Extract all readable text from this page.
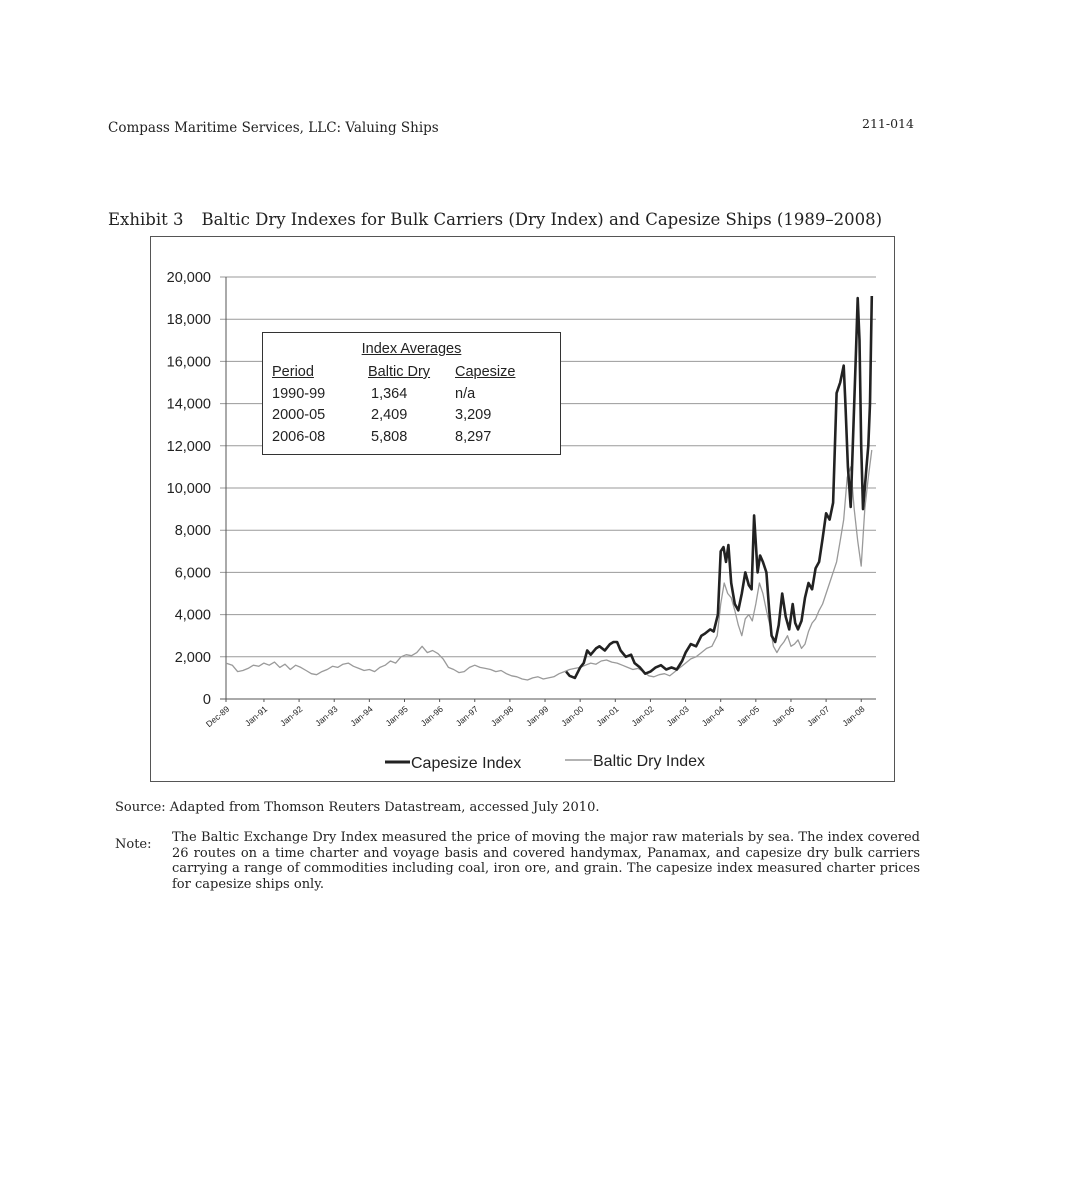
Compass Maritime Services, LLC: Valuing Ships	211-014
Exhibit 3 Baltic Dry Indexes for Bulk Carriers (Dry Index) and Capesize Ships (1989–2008)
0
2,000
4,000
6,000
8,000
10,000
12,000
14,000
16,000
18,000
20,000
Dec-89 Jan-91 Jan-92 Jan-93 Jan-94 Jan-95 Jan-96 Jan-97 Jan-98 Jan-99 Jan-00 Jan-01 Jan-02 Jan-03 Jan-04 Jan-05 Jan-06 Jan-07 Jan-08
Capesize Index	Baltic Dry Index
Index Averages
Period	Baltic Dry Capesize
1990-99	1,364	n/a
2000-05	2,409	3,209
2006-08	5,808	8,297
Source: Adapted from Thomson Reuters Datastream, accessed July 2010.
Note: The Baltic Exchange Dry Index measured the price of moving the major raw materials by sea. The index covered 26 routes on a time charter and voyage basis and covered handymax, Panamax, and capesize dry bulk carriers carrying a range of commodities including coal, iron ore, and grain. The capesize index measured charter prices for capesize ships only.
